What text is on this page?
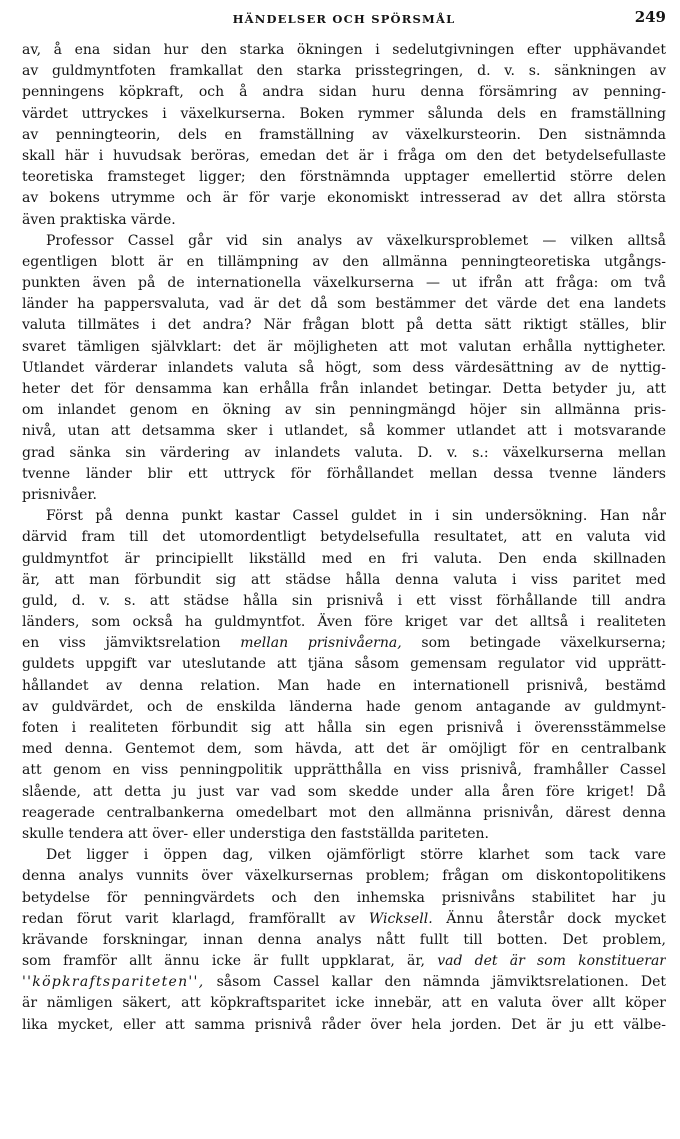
HÄNDELSER OCH SPÖRSMÅL	249
av, å ena sidan hur den starka ökningen i sedelutgivningen efter upphävandet
av guldmyntfoten framkallat den starka prisstegringen, d. v. s. sänkningen av
penningens köpkraft, och å andra sidan huru denna försämring av penning-
värdet uttryckes i växelkurserna. Boken rymmer sålunda dels en framställning
av penningteorin, dels en framställning av växelkursteorin. Den sistnämnda
skall här i huvudsak beröras, emedan det är i fråga om den det betydelsefullaste
teoretiska framsteget ligger; den förstnämnda upptager emellertid större delen
av bokens utrymme och är för varje ekonomiskt intresserad av det allra största
även praktiska värde.
Professor Cassel går vid sin analys av växelkursproblemet — vilken alltså
egentligen blott är en tillämpning av den allmänna penningteoretiska utgångs-
punkten även på de internationella växelkurserna — ut ifrån att fråga: om två
länder ha pappersvaluta, vad är det då som bestämmer det värde det ena landets
valuta tillmätes i det andra? När frågan blott på detta sätt riktigt ställes, blir
svaret tämligen självklart: det är möjligheten att mot valutan erhålla nyttigheter.
Utlandet värderar inlandets valuta så högt, som dess värdesättning av de nyttig-
heter det för densamma kan erhålla från inlandet betingar. Detta betyder ju, att
om inlandet genom en ökning av sin penningmängd höjer sin allmänna pris-
nivå, utan att detsamma sker i utlandet, så kommer utlandet att i motsvarande
grad sänka sin värdering av inlandets valuta. D. v. s.: växelkurserna mellan
tvenne länder blir ett uttryck för förhållandet mellan dessa tvenne länders
prisnivåer.
Först på denna punkt kastar Cassel guldet in i sin undersökning. Han når
därvid fram till det utomordentligt betydelsefulla resultatet, att en valuta vid
guldmyntfot är principiellt likställd med en fri valuta. Den enda skillnaden
är, att man förbundit sig att städse hålla denna valuta i viss paritet med
guld, d. v. s. att städse hålla sin prisnivå i ett visst förhållande till andra
länders, som också ha guldmyntfot. Även före kriget var det alltså i realiteten
en viss jämviktsrelation mellan prisnivåerna, som betingade växelkurserna;
guldets uppgift var uteslutande att tjäna såsom gemensam regulator vid upprätt-
hållandet av denna relation. Man hade en internationell prisnivå, bestämd
av guldvärdet, och de enskilda länderna hade genom antagande av guldmynt-
foten i realiteten förbundit sig att hålla sin egen prisnivå i överensstämmelse
med denna. Gentemot dem, som hävda, att det är omöjligt för en centralbank
att genom en viss penningpolitik upprätthålla en viss prisnivå, framhåller Cassel
slående, att detta ju just var vad som skedde under alla åren före kriget! Då
reagerade centralbankerna omedelbart mot den allmänna prisnivån, därest denna
skulle tendera att över- eller understiga den fastställda pariteten.
Det ligger i öppen dag, vilken ojämförligt större klarhet som tack vare
denna analys vunnits över växelkursernas problem; frågan om diskontopolitikens
betydelse för penningvärdets och den inhemska prisnivåns stabilitet har ju
redan förut varit klarlagd, framförallt av Wicksell. Ännu återstår dock mycket
krävande forskningar, innan denna analys nått fullt till botten. Det problem,
som framför allt ännu icke är fullt uppklarat, är, vad det är som konstituerar
''köpkraftspariteten'', såsom Cassel kallar den nämnda jämviktsrelationen. Det
är nämligen säkert, att köpkraftsparitet icke innebär, att en valuta över allt köper
lika mycket, eller att samma prisnivå råder över hela jorden. Det är ju ett välbe-
